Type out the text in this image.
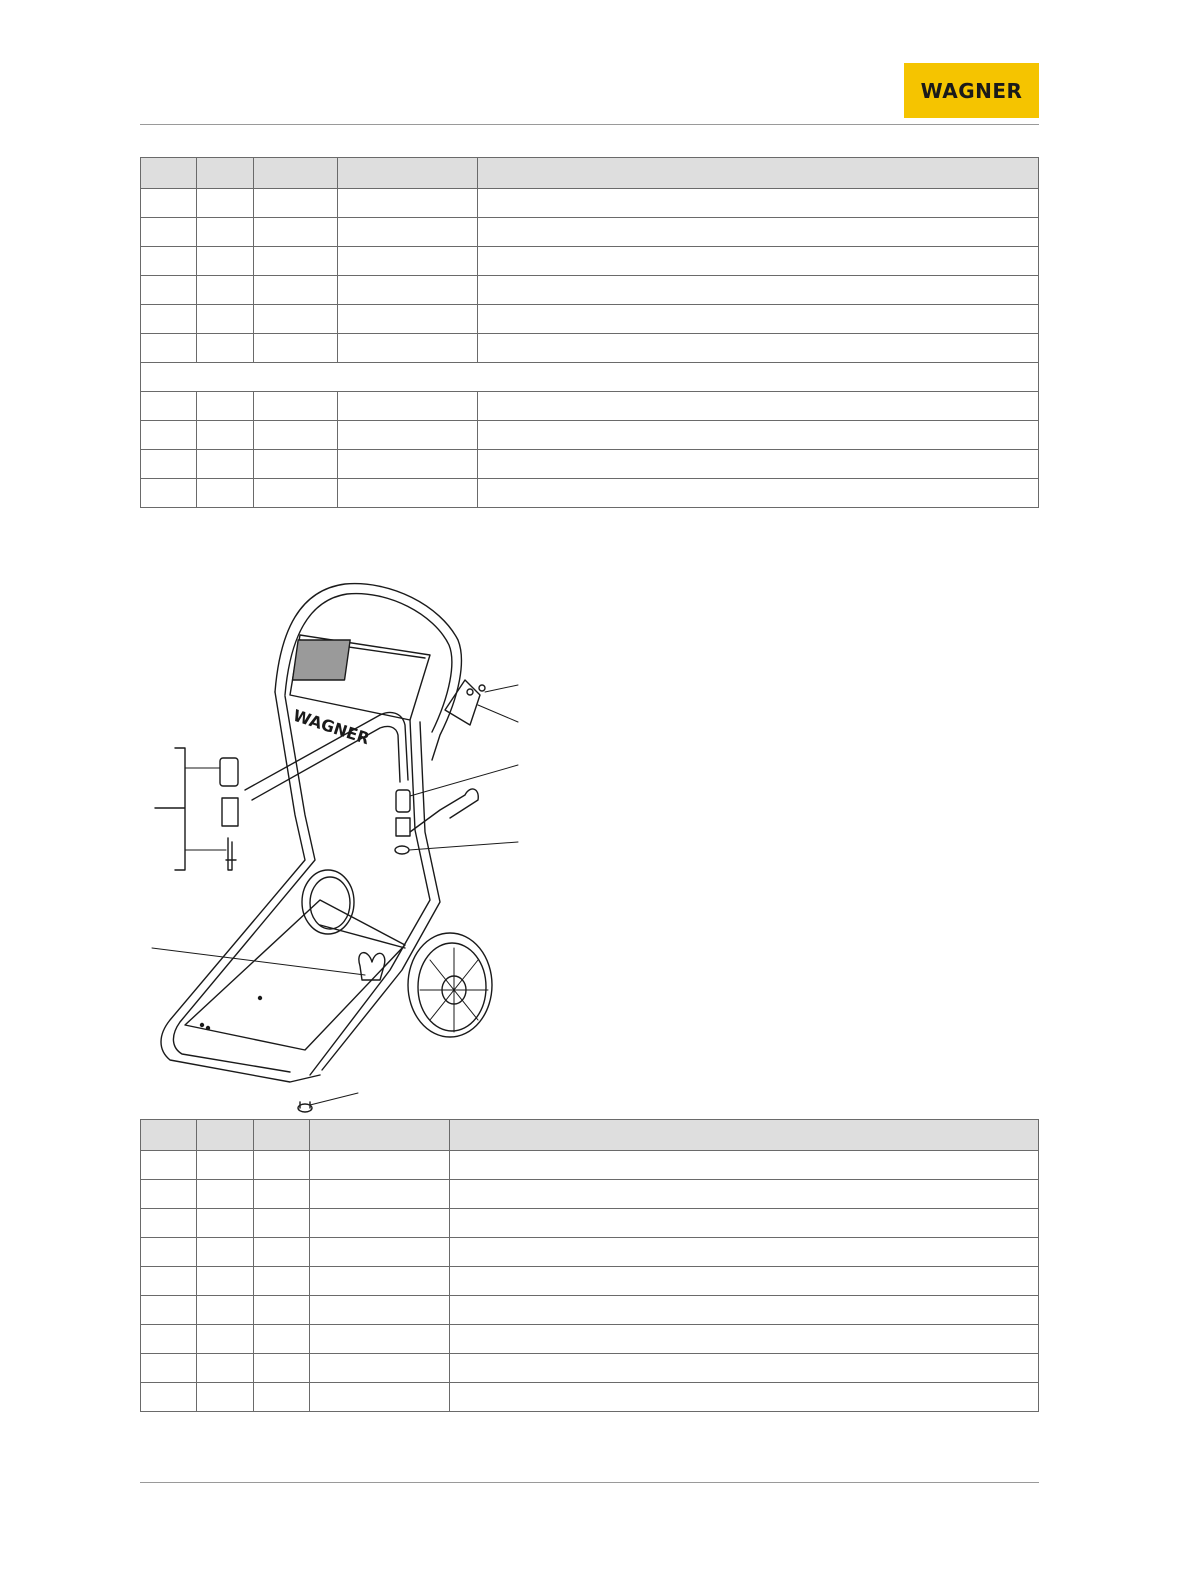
WAGNER

WAGNER
